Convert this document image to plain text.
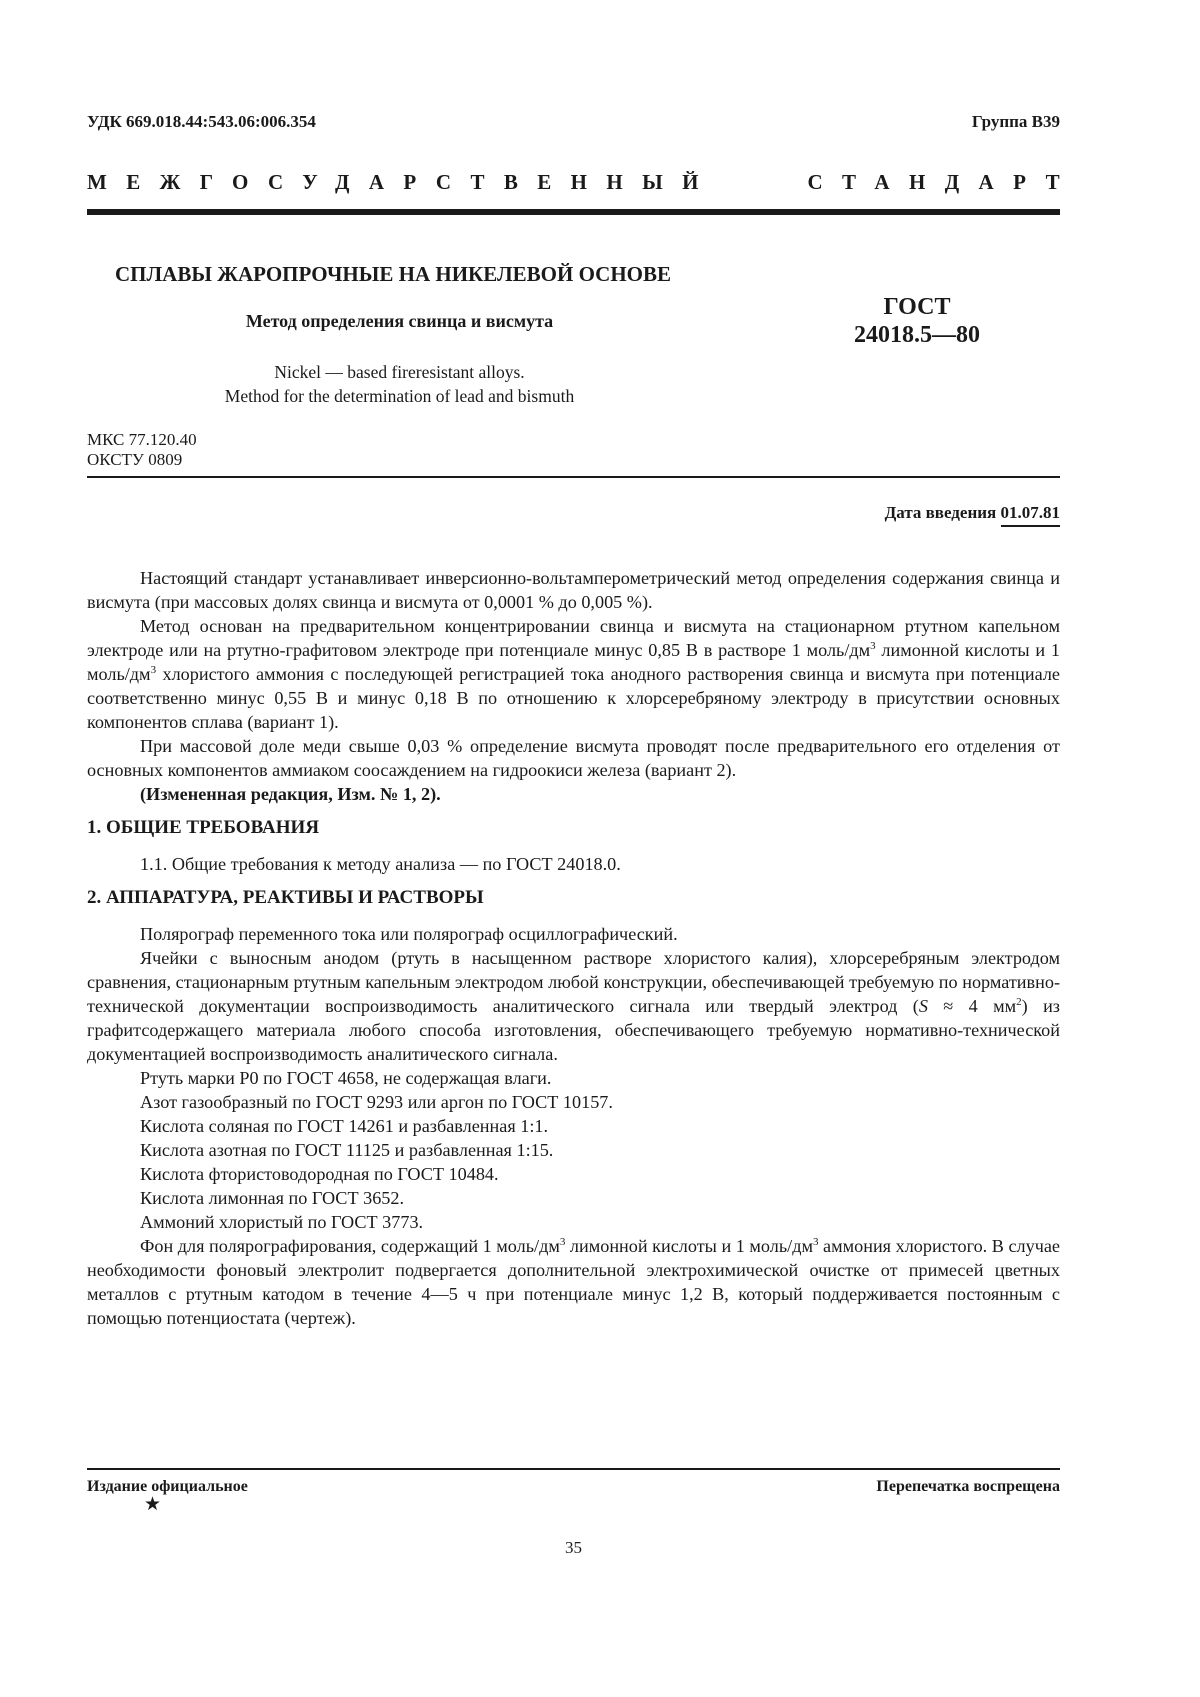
УДК 669.018.44:543.06:006.354	Группа В39
МЕЖГОСУДАРСТВЕННЫЙ	СТАНДАРТ
СПЛАВЫ ЖАРОПРОЧНЫЕ НА НИКЕЛЕВОЙ ОСНОВЕ
Метод определения свинца и висмута
Nickel — based fireresistant alloys.
Method for the determination of lead and bismuth
ГОСТ
24018.5—80
МКС 77.120.40
ОКСТУ 0809
Дата введения 01.07.81

Настоящий стандарт устанавливает инверсионно-вольтамперометрический метод определения содержания свинца и висмута (при массовых долях свинца и висмута от 0,0001 % до 0,005 %).

Метод основан на предварительном концентрировании свинца и висмута на стационарном ртутном капельном электроде или на ртутно-графитовом электроде при потенциале минус 0,85 В в растворе 1 моль/$дм^3$ лимонной кислоты и 1 моль/$дм^3$ хлористого аммония с последующей регистрацией тока анодного растворения свинца и висмута при потенциале соответственно минус 0,55 В и минус 0,18 В по отношению к хлорсеребряному электроду в присутствии основных компонентов сплава (вариант 1).

При массовой доле меди свыше 0,03 % определение висмута проводят после предварительного его отделения от основных компонентов аммиаком соосаждением на гидроокиси железа (вариант 2).

(Измененная редакция, Изм. № 1, 2).

1. ОБЩИЕ ТРЕБОВАНИЯ

1.1. Общие требования к методу анализа — по ГОСТ 24018.0.

2. АППАРАТУРА, РЕАКТИВЫ И РАСТВОРЫ

Полярограф переменного тока или полярограф осциллографический.

Ячейки с выносным анодом (ртуть в насыщенном растворе хлористого калия), хлорсеребряным электродом сравнения, стационарным ртутным капельным электродом любой конструкции, обеспечивающей требуемую по нормативно-технической документации воспроизводимость аналитического сигнала или твердый электрод (S ≈ 4 $мм^2$) из графитсодержащего материала любого способа изготовления, обеспечивающего требуемую нормативно-технической документацией воспроизводимость аналитического сигнала.

Ртуть марки Р0 по ГОСТ 4658, не содержащая влаги.

Азот газообразный по ГОСТ 9293 или аргон по ГОСТ 10157.

Кислота соляная по ГОСТ 14261 и разбавленная 1:1.

Кислота азотная по ГОСТ 11125 и разбавленная 1:15.

Кислота фтористоводородная по ГОСТ 10484.

Кислота лимонная по ГОСТ 3652.

Аммоний хлористый по ГОСТ 3773.

Фон для полярографирования, содержащий 1 моль/$дм^3$ лимонной кислоты и 1 моль/$дм^3$ аммония хлористого. В случае необходимости фоновый электролит подвергается дополнительной электрохимической очистке от примесей цветных металлов с ртутным катодом в течение 4—5 ч при потенциале минус 1,2 В, который поддерживается постоянным с помощью потенциостата (чертеж).

Издание официальное
★
Перепечатка воспрещена
35
